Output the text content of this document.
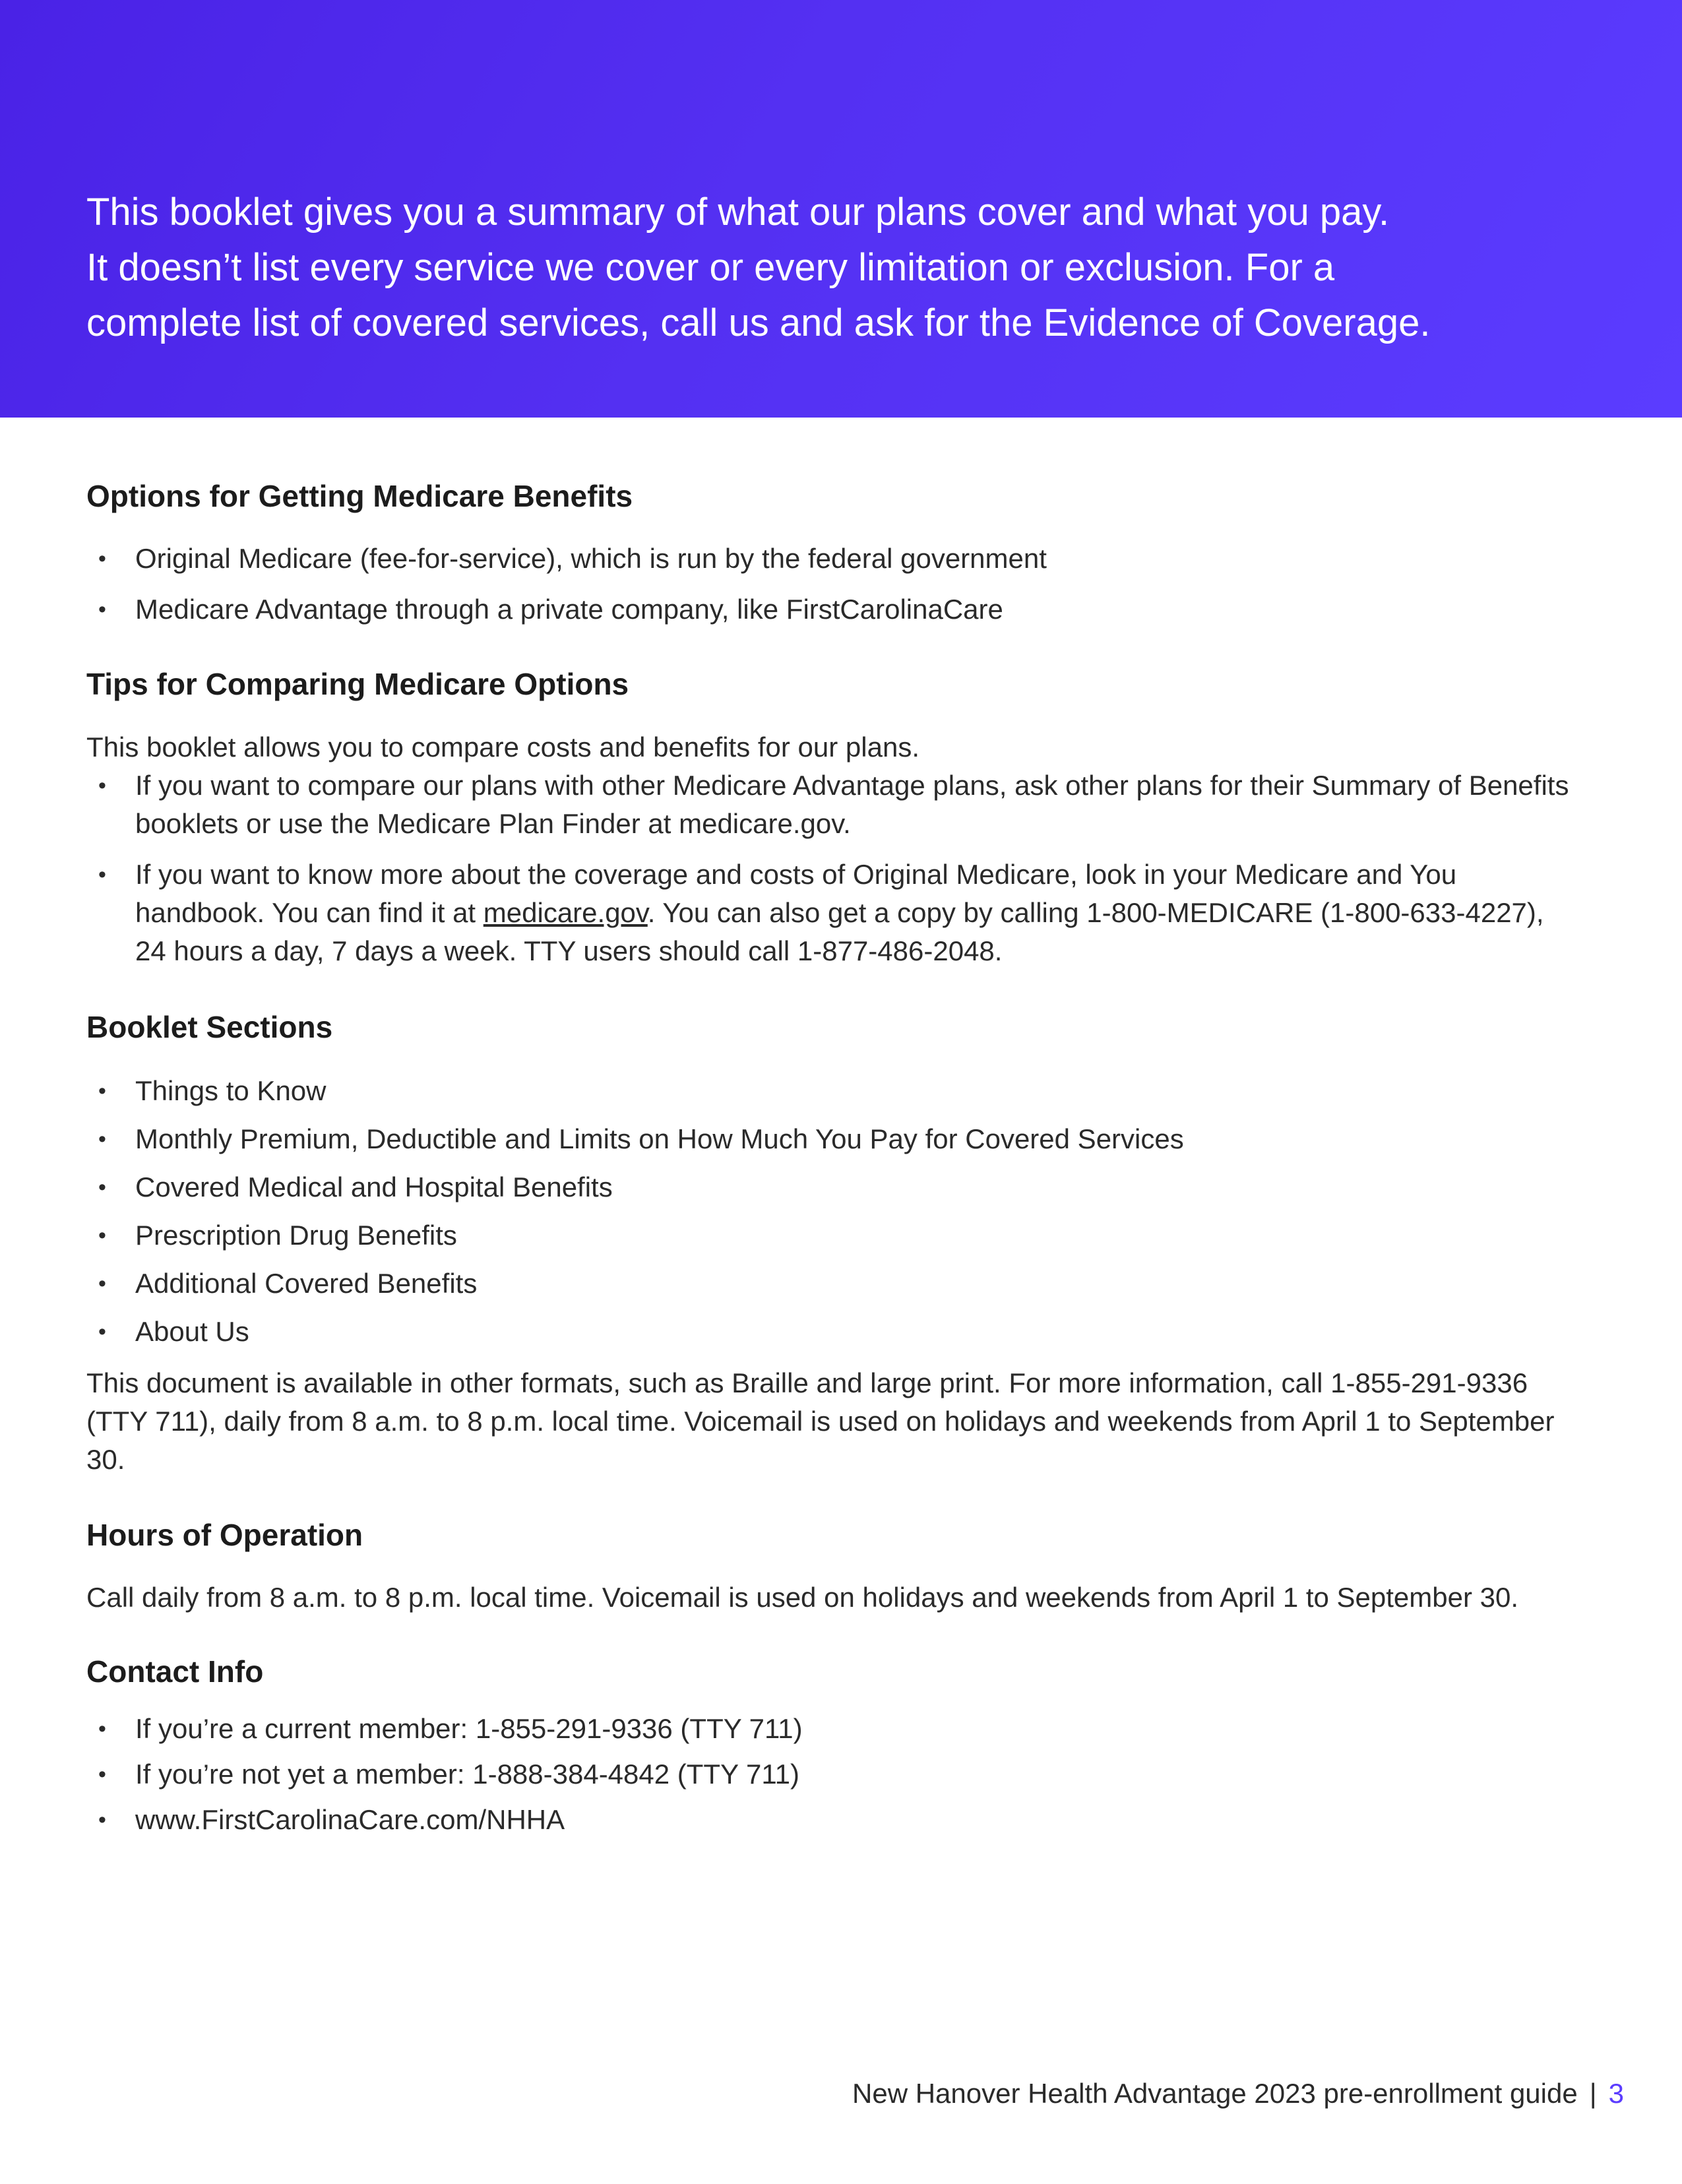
This booklet gives you a summary of what our plans cover and what you pay.
It doesn’t list every service we cover or every limitation or exclusion. For a
complete list of covered services, call us and ask for the Evidence of Coverage.

Options for Getting Medicare Benefits
• Original Medicare (fee-for-service), which is run by the federal government
• Medicare Advantage through a private company, like FirstCarolinaCare
Tips for Comparing Medicare Options

This booklet allows you to compare costs and benefits for our plans.

• If you want to compare our plans with other Medicare Advantage plans, ask other plans for their Summary of Benefits booklets or use the Medicare Plan Finder at medicare.gov.
• If you want to know more about the coverage and costs of Original Medicare, look in your Medicare and You handbook. You can find it at medicare.gov. You can also get a copy by calling 1-800-MEDICARE (1-800-633-4227), 24 hours a day, 7 days a week. TTY users should call 1-877-486-2048.
Booklet Sections
• Things to Know
• Monthly Premium, Deductible and Limits on How Much You Pay for Covered Services
• Covered Medical and Hospital Benefits
• Prescription Drug Benefits
• Additional Covered Benefits
• About Us

This document is available in other formats, such as Braille and large print. For more information, call 1-855-291-9336 (TTY 711), daily from 8 a.m. to 8 p.m. local time. Voicemail is used on holidays and weekends from April 1 to September 30.

Hours of Operation

Call daily from 8 a.m. to 8 p.m. local time. Voicemail is used on holidays and weekends from April 1 to September 30.

Contact Info
• If you’re a current member: 1-855-291-9336 (TTY 711)
• If you’re not yet a member: 1-888-384-4842 (TTY 711)
• www.FirstCarolinaCare.com/NHHA
New Hanover Health Advantage 2023 pre-enrollment guide | 3
